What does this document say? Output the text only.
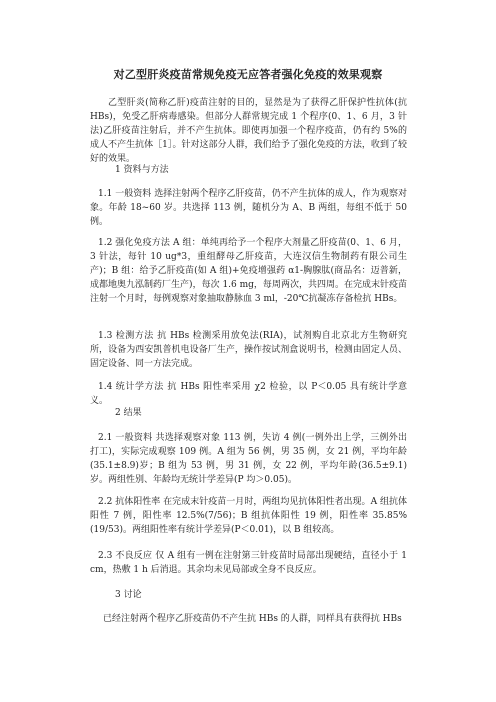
对乙型肝炎疫苗常规免疫无应答者强化免疫的效果观察
乙型肝炎(简称乙肝)疫苗注射的目的，显然是为了获得乙肝保护性抗体(抗HBs)，免受乙肝病毒感染。但部分人群常规完成 1 个程序(0、1、6 月，3 针法)乙肝疫苗注射后，并不产生抗体。即使再加强一个程序疫苗，仍有约 5%的成人不产生抗体［1］。针对这部分人群，我们给予了强化免疫的方法，收到了较好的效果。
1 资料与方法
1.1 一般资料 选择注射两个程序乙肝疫苗，仍不产生抗体的成人，作为观察对象。年龄 18~60 岁。共选择 113 例，随机分为 A、B 两组，每组不低于 50 例。
1.2 强化免疫方法 A 组：单纯再给予一个程序大剂量乙肝疫苗(0、1、6 月，3 针法，每针 10 ug*3，重组酵母乙肝疫苗，大连汉信生物制药有限公司生产)；B 组：给予乙肝疫苗(如 A 组)+免疫增强药 α1-胸腺肽(商品名：迈普新，成都地奥九泓制药厂生产)，每次 1.6 mg，每周两次，共四周。在完成末针疫苗注射一个月时，每例观察对象抽取静脉血 3 ml，-20℃抗凝冻存备检抗 HBs。
1.3 检测方法 抗 HBs 检测采用放免法(RIA)，试剂购自北京北方生物研究所，设备为西安凯普机电设备厂生产，操作按试剂盒说明书，检测由固定人员、固定设备、同一方法完成。
1.4 统计学方法 抗 HBs 阳性率采用 χ2 检验，以 P＜0.05 具有统计学意义。
2 结果
2.1 一般资料 共选择观察对象 113 例，失访 4 例(一例外出上学，三例外出打工)，实际完成观察 109 例。A 组为 56 例，男 35 例，女 21 例，平均年龄(35.1±8.9)岁；B 组为 53 例，男 31 例，女 22 例，平均年龄(36.5±9.1)岁。两组性别、年龄均无统计学差异(P 均＞0.05)。
2.2 抗体阳性率 在完成末针疫苗一月时，两组均见抗体阳性者出现。A 组抗体阳性 7 例，阳性率 12.5%(7/56)；B 组抗体阳性 19 例，阳性率 35.85%(19/53)。两组阳性率有统计学差异(P＜0.01)，以 B 组较高。
2.3 不良反应 仅 A 组有一例在注射第三针疫苗时局部出现硬结，直径小于 1 cm，热敷 1 h 后消退。其余均未见局部或全身不良反应。
3 讨论
已经注射两个程序乙肝疫苗仍不产生抗 HBs 的人群，同样具有获得抗 HBs
